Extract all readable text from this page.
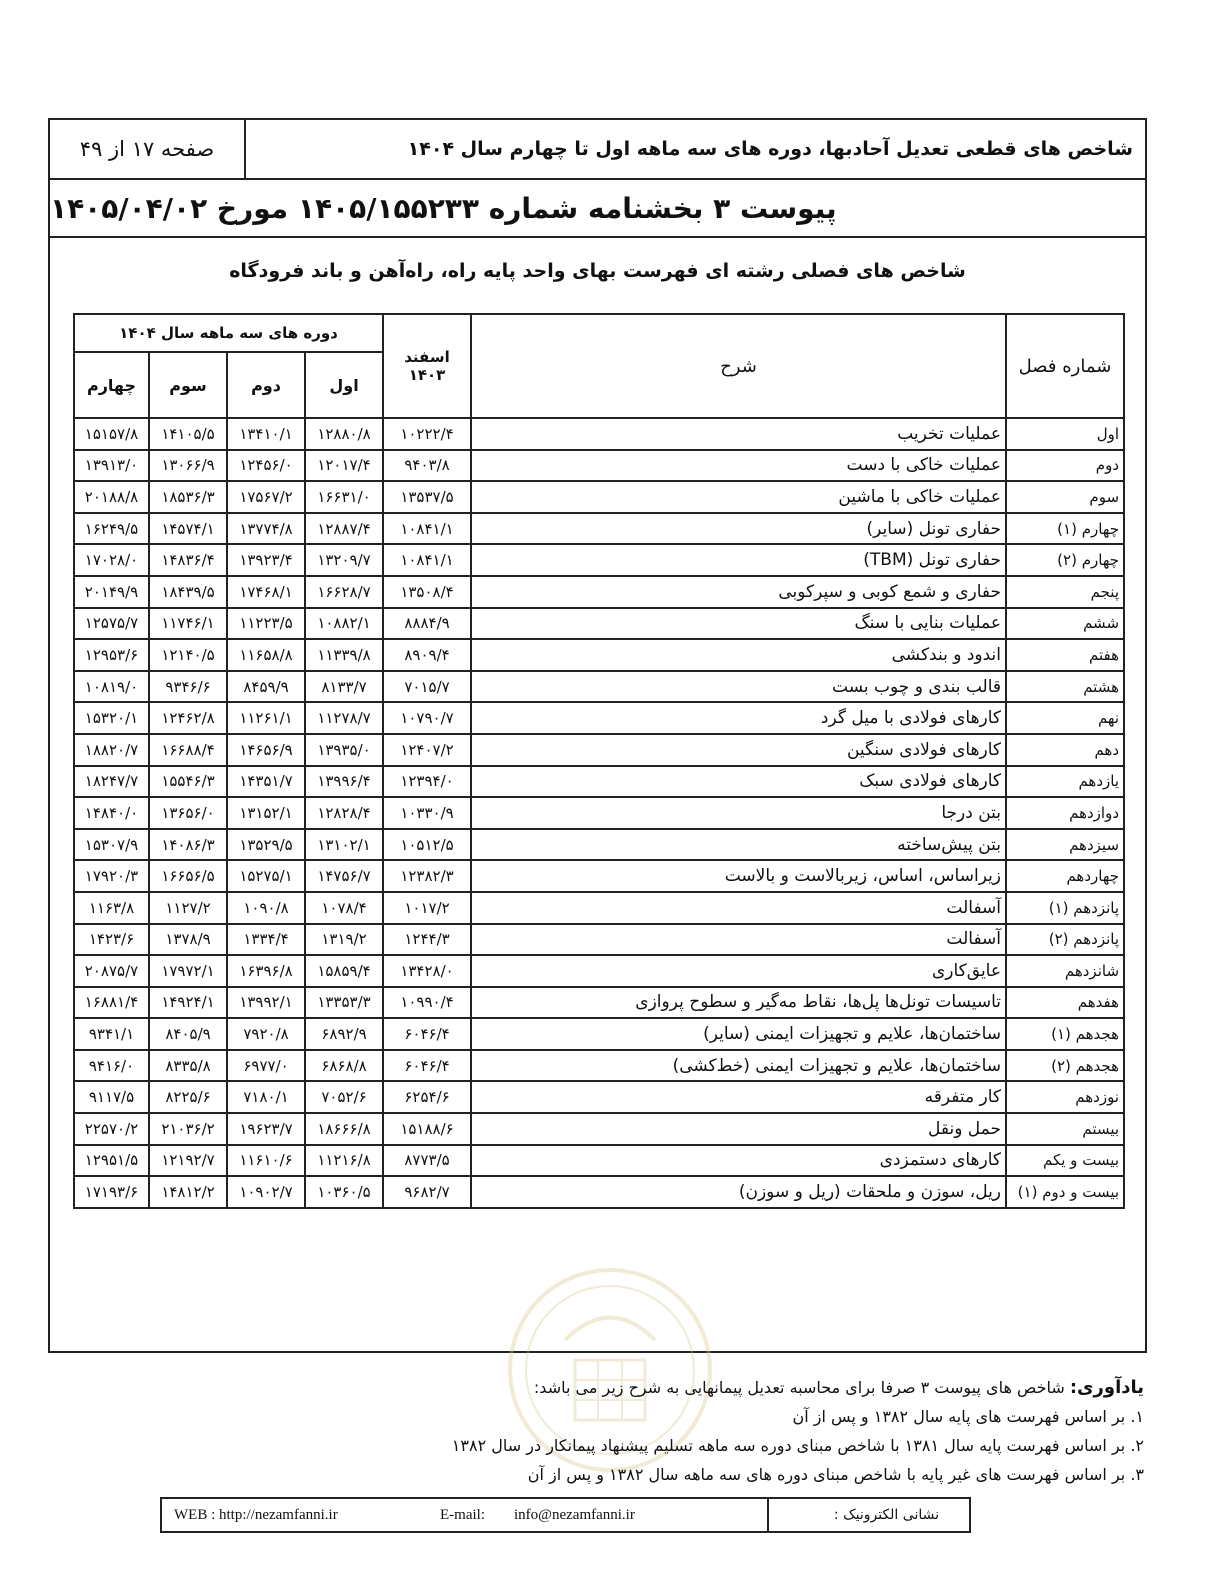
صفحه ۱۷ از ۴۹	شاخص های قطعی تعدیل آحادبها، دوره های سه ماهه اول تا چهارم سال ۱۴۰۴
پیوست ۳ بخشنامه شماره ۱۴۰۵/۱۵۵۲۳۳ مورخ ۱۴۰۵/۰۴/۰۲
شاخص های فصلی رشته ای فهرست بهای واحد پایه راه، راه‌آهن و باند فرودگاه
شماره فصل	شرح	اسفند ۱۴۰۳	دوره های سه ماهه سال ۱۴۰۴			
			اول	دوم	سوم	چهارم
اول	عملیات تخریب	۱۰۲۲۲/۴	۱۲۸۸۰/۸	۱۳۴۱۰/۱	۱۴۱۰۵/۵	۱۵۱۵۷/۸
دوم	عملیات خاکی با دست	۹۴۰۳/۸	۱۲۰۱۷/۴	۱۲۴۵۶/۰	۱۳۰۶۶/۹	۱۳۹۱۳/۰
سوم	عملیات خاکی با ماشین	۱۳۵۳۷/۵	۱۶۶۳۱/۰	۱۷۵۶۷/۲	۱۸۵۳۶/۳	۲۰۱۸۸/۸
چهارم (۱)	حفاری تونل (سایر)	۱۰۸۴۱/۱	۱۲۸۸۷/۴	۱۳۷۷۴/۸	۱۴۵۷۴/۱	۱۶۲۴۹/۵
چهارم (۲)	حفاری تونل (TBM)	۱۰۸۴۱/۱	۱۳۲۰۹/۷	۱۳۹۲۳/۴	۱۴۸۳۶/۴	۱۷۰۲۸/۰
پنجم	حفاری و شمع کوبی و سپرکوبی	۱۳۵۰۸/۴	۱۶۶۲۸/۷	۱۷۴۶۸/۱	۱۸۴۳۹/۵	۲۰۱۴۹/۹
ششم	عملیات بنایی با سنگ	۸۸۸۴/۹	۱۰۸۸۲/۱	۱۱۲۲۳/۵	۱۱۷۴۶/۱	۱۲۵۷۵/۷
هفتم	اندود و بندکشی	۸۹۰۹/۴	۱۱۳۳۹/۸	۱۱۶۵۸/۸	۱۲۱۴۰/۵	۱۲۹۵۳/۶
هشتم	قالب بندی و چوب بست	۷۰۱۵/۷	۸۱۳۳/۷	۸۴۵۹/۹	۹۳۴۶/۶	۱۰۸۱۹/۰
نهم	کارهای فولادی با میل گرد	۱۰۷۹۰/۷	۱۱۲۷۸/۷	۱۱۲۶۱/۱	۱۲۴۶۲/۸	۱۵۳۲۰/۱
دهم	کارهای فولادی سنگین	۱۲۴۰۷/۲	۱۳۹۳۵/۰	۱۴۶۵۶/۹	۱۶۶۸۸/۴	۱۸۸۲۰/۷
یازدهم	کارهای فولادی سبک	۱۲۳۹۴/۰	۱۳۹۹۶/۴	۱۴۳۵۱/۷	۱۵۵۴۶/۳	۱۸۲۴۷/۷
دوازدهم	بتن درجا	۱۰۳۳۰/۹	۱۲۸۲۸/۴	۱۳۱۵۲/۱	۱۳۶۵۶/۰	۱۴۸۴۰/۰
سیزدهم	بتن پیش‌ساخته	۱۰۵۱۲/۵	۱۳۱۰۲/۱	۱۳۵۲۹/۵	۱۴۰۸۶/۳	۱۵۳۰۷/۹
چهاردهم	زیراساس، اساس، زیربالاست و بالاست	۱۲۳۸۲/۳	۱۴۷۵۶/۷	۱۵۲۷۵/۱	۱۶۶۵۶/۵	۱۷۹۲۰/۳
پانزدهم (۱)	آسفالت	۱۰۱۷/۲	۱۰۷۸/۴	۱۰۹۰/۸	۱۱۲۷/۲	۱۱۶۳/۸
پانزدهم (۲)	آسفالت	۱۲۴۴/۳	۱۳۱۹/۲	۱۳۳۴/۴	۱۳۷۸/۹	۱۴۲۳/۶
شانزدهم	عایق‌کاری	۱۳۴۲۸/۰	۱۵۸۵۹/۴	۱۶۳۹۶/۸	۱۷۹۷۲/۱	۲۰۸۷۵/۷
هفدهم	تاسیسات تونل‌ها پل‌ها، نقاط مه‌گیر و سطوح پروازی	۱۰۹۹۰/۴	۱۳۳۵۳/۳	۱۳۹۹۲/۱	۱۴۹۲۴/۱	۱۶۸۸۱/۴
هجدهم (۱)	ساختمان‌ها، علایم و تجهیزات ایمنی (سایر)	۶۰۴۶/۴	۶۸۹۲/۹	۷۹۲۰/۸	۸۴۰۵/۹	۹۳۴۱/۱
هجدهم (۲)	ساختمان‌ها، علایم و تجهیزات ایمنی (خط‌کشی)	۶۰۴۶/۴	۶۸۶۸/۸	۶۹۷۷/۰	۸۳۳۵/۸	۹۴۱۶/۰
نوزدهم	کار متفرقه	۶۲۵۴/۶	۷۰۵۲/۶	۷۱۸۰/۱	۸۲۲۵/۶	۹۱۱۷/۵
بیستم	حمل ونقل	۱۵۱۸۸/۶	۱۸۶۶۶/۸	۱۹۶۲۳/۷	۲۱۰۳۶/۲	۲۲۵۷۰/۲
بیست و یکم	کارهای دستمزدی	۸۷۷۳/۵	۱۱۲۱۶/۸	۱۱۶۱۰/۶	۱۲۱۹۲/۷	۱۲۹۵۱/۵
بیست و دوم (۱)	ریل، سوزن و ملحقات (ریل و سوزن)	۹۶۸۲/۷	۱۰۳۶۰/۵	۱۰۹۰۲/۷	۱۴۸۱۲/۲	۱۷۱۹۳/۶
یادآوری: شاخص های پیوست ۳ صرفا برای محاسبه تعدیل پیمانهایی به شرح زیر می باشد:
۱. بر اساس فهرست های پایه سال ۱۳۸۲ و پس از آن
۲. بر اساس فهرست پایه سال ۱۳۸۱ با شاخص مبنای دوره سه ماهه تسلیم پیشنهاد پیمانکار در سال ۱۳۸۲
۳. بر اساس فهرست های غیر پایه با شاخص مبنای دوره های سه ماهه سال ۱۳۸۲ و پس از آن
WEB : http://nezamfanni.ir	E-mail: info@nezamfanni.ir	نشانی الکترونیک :
